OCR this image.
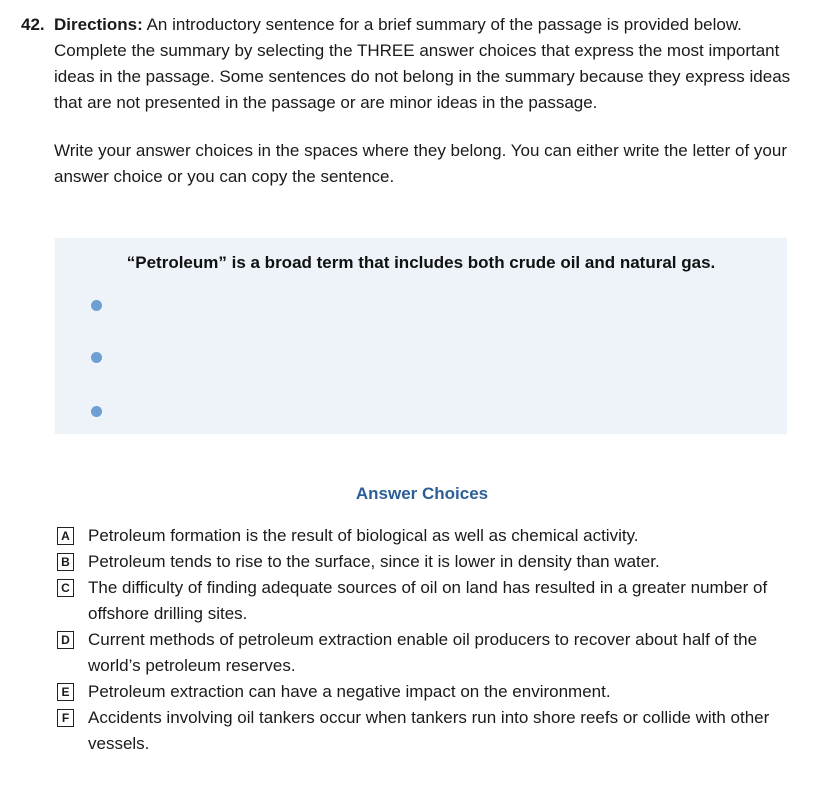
42. Directions: An introductory sentence for a brief summary of the passage is provided below. Complete the summary by selecting the THREE answer choices that express the most important ideas in the passage. Some sentences do not belong in the summary because they express ideas that are not presented in the passage or are minor ideas in the passage.
Write your answer choices in the spaces where they belong. You can either write the letter of your answer choice or you can copy the sentence.
“Petroleum” is a broad term that includes both crude oil and natural gas.
Answer Choices
A Petroleum formation is the result of biological as well as chemical activity.
B Petroleum tends to rise to the surface, since it is lower in density than water.
C The difficulty of finding adequate sources of oil on land has resulted in a greater number of offshore drilling sites.
D Current methods of petroleum extraction enable oil producers to recover about half of the world’s petroleum reserves.
E Petroleum extraction can have a negative impact on the environment.
F Accidents involving oil tankers occur when tankers run into shore reefs or collide with other vessels.
